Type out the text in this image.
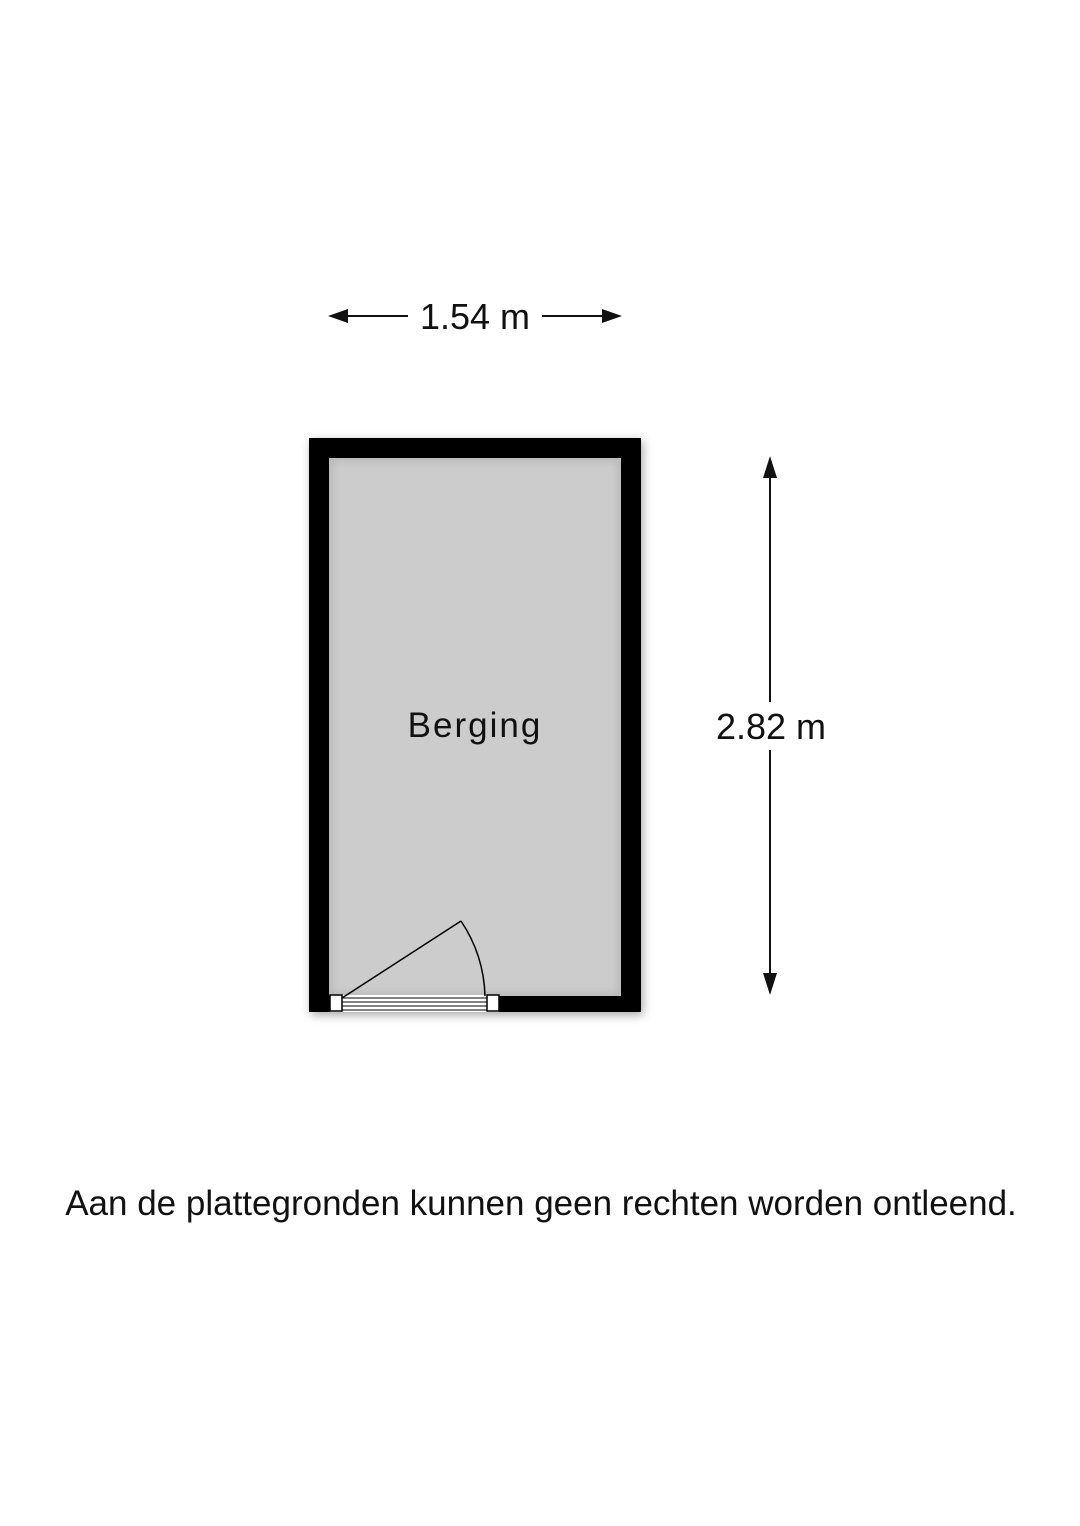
1.54 m
Berging	2.82 m
Aan de plattegronden kunnen geen rechten worden ontleend.
